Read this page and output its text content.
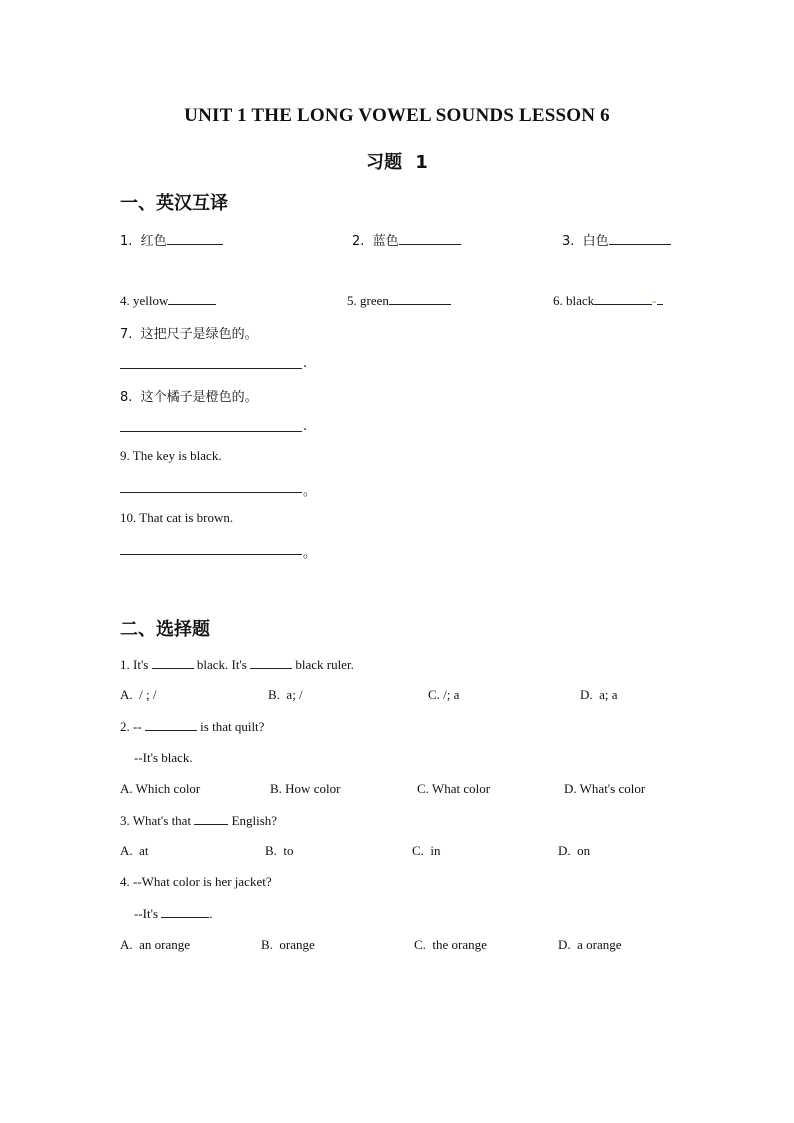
UNIT 1 THE LONG VOWEL SOUNDS LESSON 6
习题  1
一、英汉互译
1.  红色	2.  蓝色	3.  白色
4. yellow	5. green	6. black	-
7.  这把尺子是绿色的。
.
8.  这个橘子是橙色的。
.
9. The key is black.
。
10. That cat is brown.
。
二、选择题
1. It's	black. It's	black ruler.
A.  / ; /	B.  a; /	C. /; a	D.  a; a
2. --	is that quilt?
--It's black.
A. Which color	B. How color	C. What color	D. What's color
3. What's that	English?
A.  at	B.  to	C.  in	D.  on
4. --What color is her jacket?
--It's	.
A.  an orange	B.  orange	C.  the orange	D.  a orange
